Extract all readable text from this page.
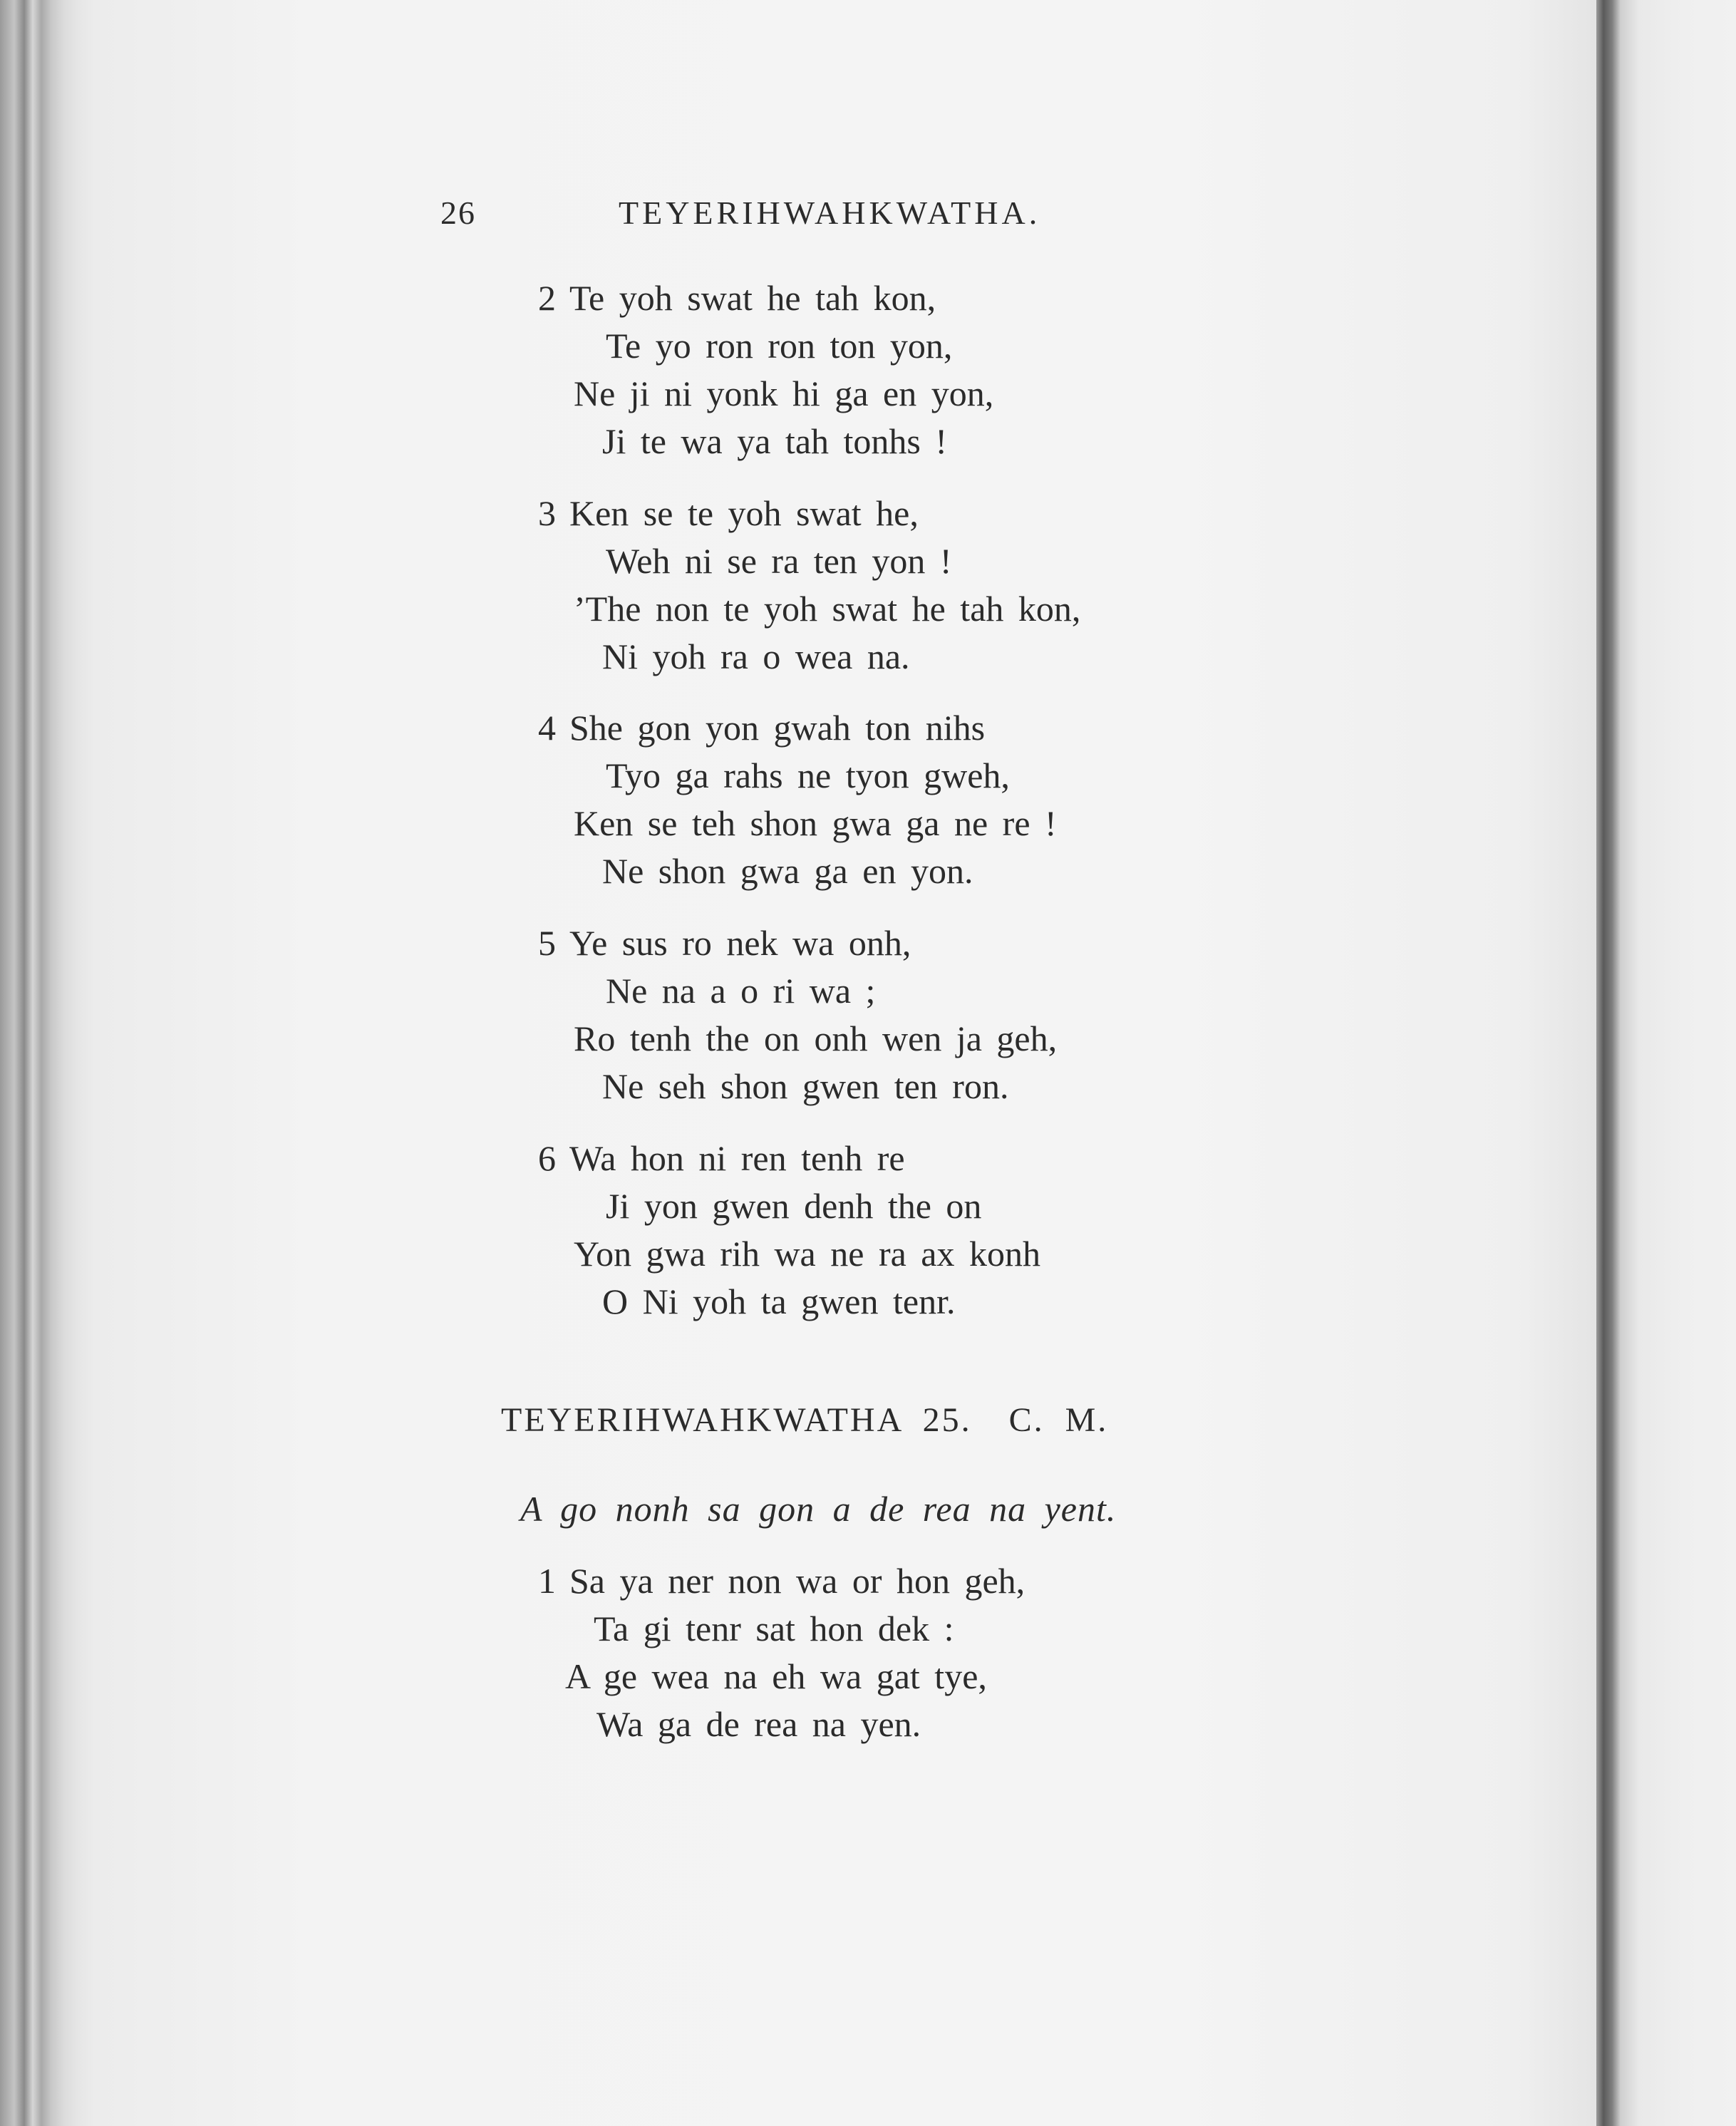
26	TEYERIHWAHKWATHA.
2 Te yoh swat he tah kon,
Te yo ron ron ton yon,
Ne ji ni yonk hi ga en yon,
Ji te wa ya tah tonhs !
3 Ken se te yoh swat he,
Weh ni se ra ten yon !
’The non te yoh swat he tah kon,
Ni yoh ra o wea na.
4 She gon yon gwah ton nihs
Tyo ga rahs ne tyon gweh,
Ken se teh shon gwa ga ne re !
Ne shon gwa ga en yon.
5 Ye sus ro nek wa onh,
Ne na a o ri wa ;
Ro tenh the on onh wen ja geh,
Ne seh shon gwen ten ron.
6 Wa hon ni ren tenh re
Ji yon gwen denh the on
Yon gwa rih wa ne ra ax konh
O Ni yoh ta gwen tenr.
TEYERIHWAHKWATHA 25. C. M.
A go nonh sa gon a de rea na yent.
1 Sa ya ner non wa or hon geh,
Ta gi tenr sat hon dek :
A ge wea na eh wa gat tye,
Wa ga de rea na yen.
